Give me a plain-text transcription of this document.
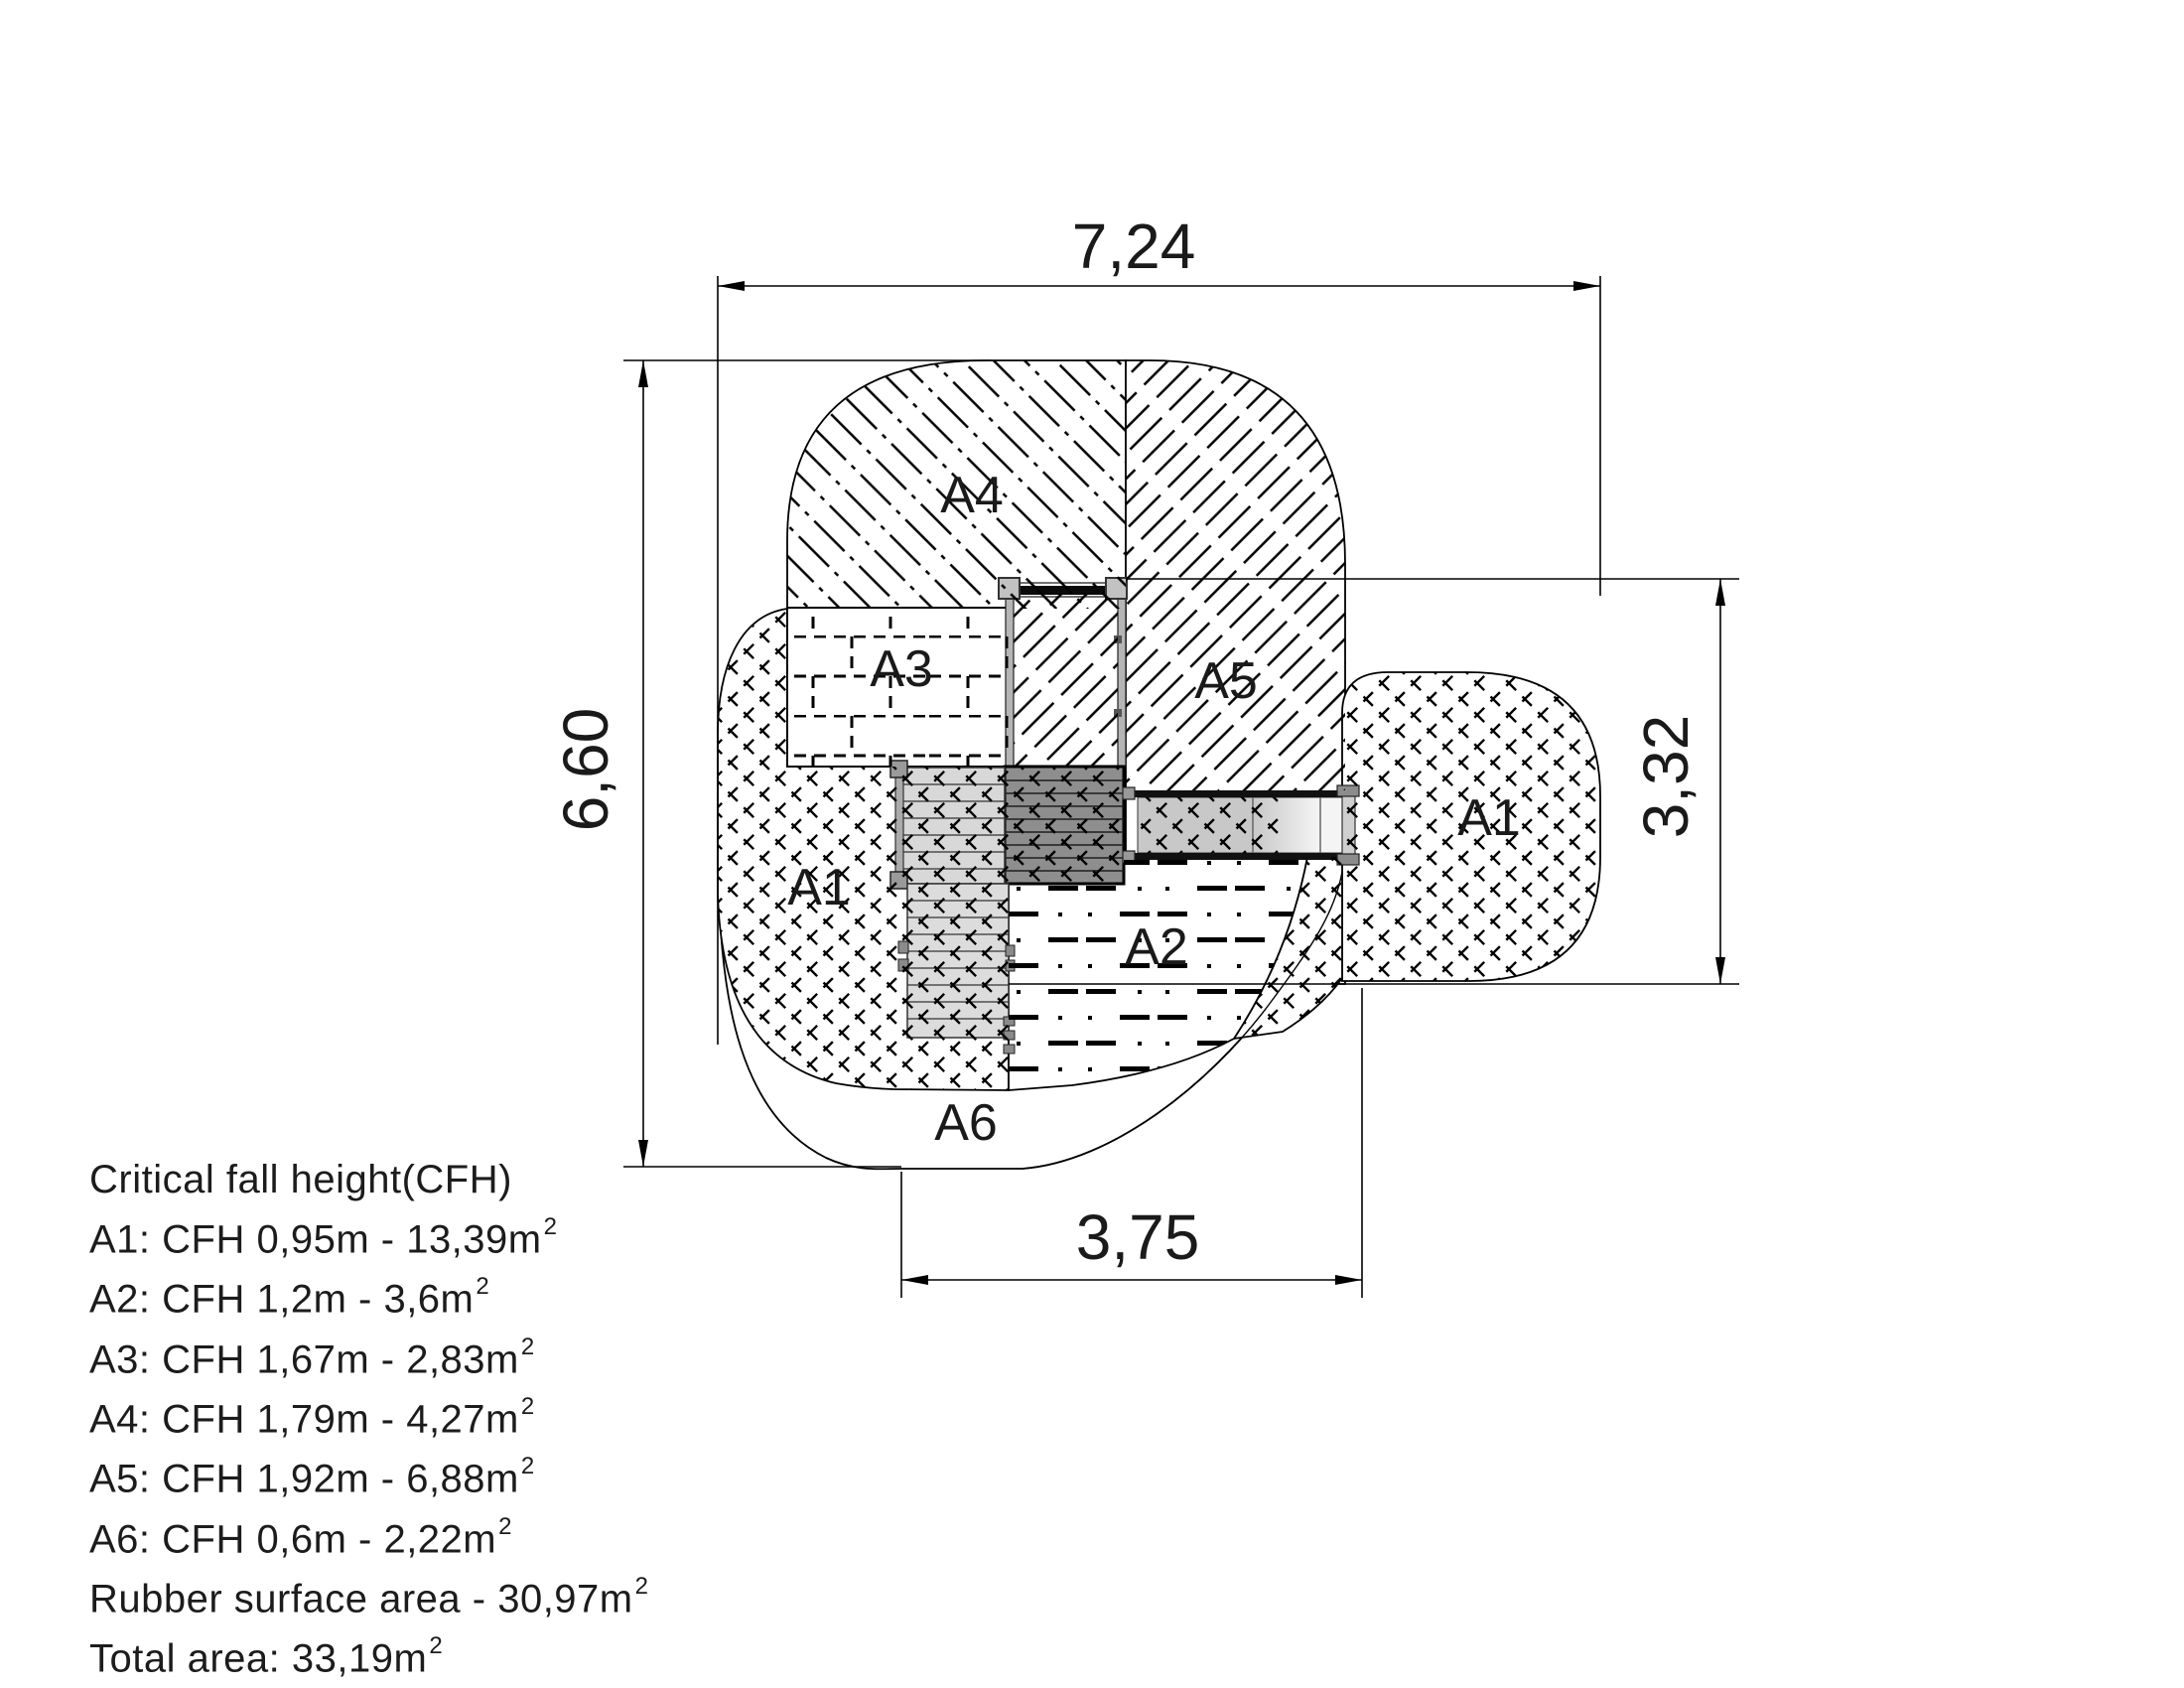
7,24
6,60	3,32
3,75
A4
A3	A5
A1
A1
A2
A6
Critical fall height(CFH)
A1: CFH $0,95m - 13,39m^2$
A2: CFH $1,2m - 3,6m^2$
A3: CFH $1,67m - 2,83m^2$
A4: CFH $1,79m - 4,27m^2$
A5: CFH $1,92m - 6,88m^2$
A6: CFH $0,6m - 2,22m^2$
Rubber surface area - $30,97m^2$
Total area: $33,19m^2$
